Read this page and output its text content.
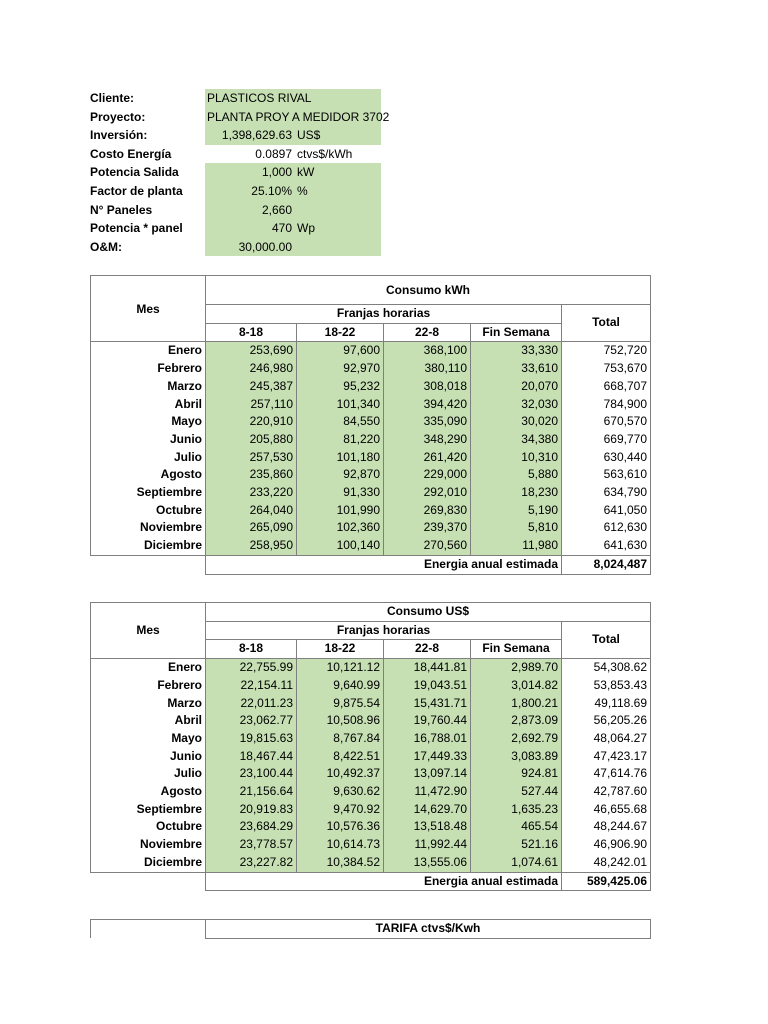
Cliente:	PLASTICOS RIVAL
Proyecto:	PLANTA PROY A MEDIDOR 3702
Inversión:	1,398,629.63 US$
Costo Energía	0.0897 ctvs$/kWh
Potencia Salida	1,000 kW
Factor de planta	25.10% %
N° Paneles	2,660
Potencia * panel	470 Wp
O&M:	30,000.00
Mes	Consumo kWh				
	Franjas horarias				Total
	8-18	18-22	22-8	Fin Semana	
Enero	253,690	97,600	368,100	33,330	752,720
Febrero	246,980	92,970	380,110	33,610	753,670
Marzo	245,387	95,232	308,018	20,070	668,707
Abril	257,110	101,340	394,420	32,030	784,900
Mayo	220,910	84,550	335,090	30,020	670,570
Junio	205,880	81,220	348,290	34,380	669,770
Julio	257,530	101,180	261,420	10,310	630,440
Agosto	235,860	92,870	229,000	5,880	563,610
Septiembre	233,220	91,330	292,010	18,230	634,790
Octubre	264,040	101,990	269,830	5,190	641,050
Noviembre	265,090	102,360	239,370	5,810	612,630
Diciembre	258,950	100,140	270,560	11,980	641,630
	Energia anual estimada				8,024,487
Mes	Consumo US$				
	Franjas horarias				Total
	8-18	18-22	22-8	Fin Semana	
Enero	22,755.99	10,121.12	18,441.81	2,989.70	54,308.62
Febrero	22,154.11	9,640.99	19,043.51	3,014.82	53,853.43
Marzo	22,011.23	9,875.54	15,431.71	1,800.21	49,118.69
Abril	23,062.77	10,508.96	19,760.44	2,873.09	56,205.26
Mayo	19,815.63	8,767.84	16,788.01	2,692.79	48,064.27
Junio	18,467.44	8,422.51	17,449.33	3,083.89	47,423.17
Julio	23,100.44	10,492.37	13,097.14	924.81	47,614.76
Agosto	21,156.64	9,630.62	11,472.90	527.44	42,787.60
Septiembre	20,919.83	9,470.92	14,629.70	1,635.23	46,655.68
Octubre	23,684.29	10,576.36	13,518.48	465.54	48,244.67
Noviembre	23,778.57	10,614.73	11,992.44	521.16	46,906.90
Diciembre	23,227.82	10,384.52	13,555.06	1,074.61	48,242.01
	Energia anual estimada				589,425.06
	TARIFA ctvs$/Kwh
